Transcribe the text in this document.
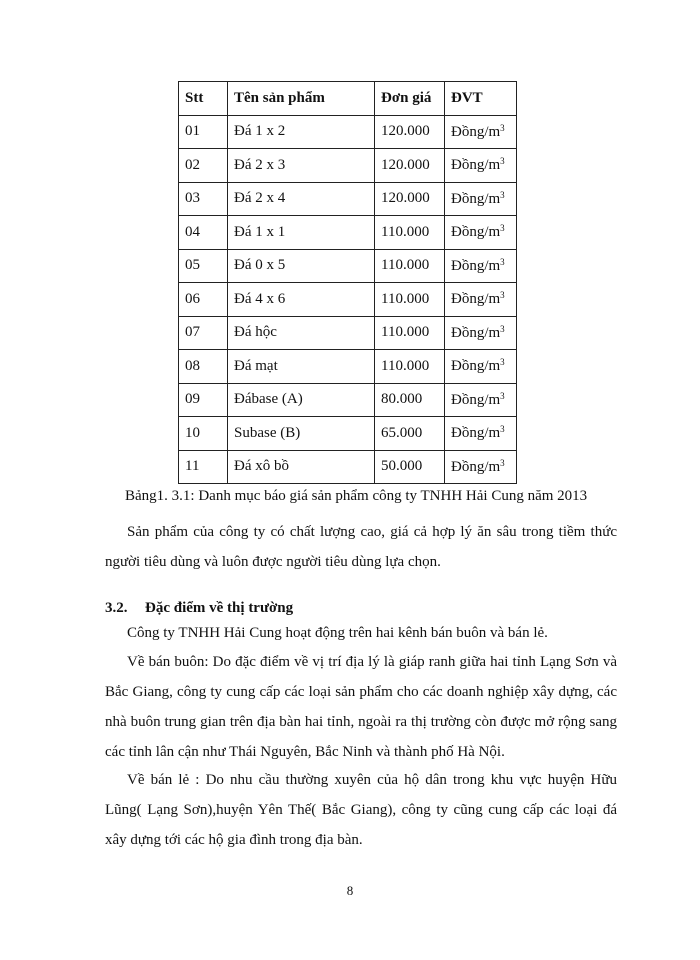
Stt	Tên sản phẩm	Đơn giá	ĐVT
01	Đá 1 x 2	120.000	Đồng/$m^3$
02	Đá 2 x 3	120.000	Đồng/$m^3$
03	Đá 2 x 4	120.000	Đồng/$m^3$
04	Đá 1 x 1	110.000	Đồng/$m^3$
05	Đá 0 x 5	110.000	Đồng/$m^3$
06	Đá 4 x 6	110.000	Đồng/$m^3$
07	Đá hộc	110.000	Đồng/$m^3$
08	Đá mạt	110.000	Đồng/$m^3$
09	Đábase (A)	80.000	Đồng/$m^3$
10	Subase (B)	65.000	Đồng/$m^3$
11	Đá xô bồ	50.000	Đồng/$m^3$
Bảng1. 3.1: Danh mục báo giá sản phẩm công ty TNHH Hải Cung năm 2013
Sản phẩm của công ty có chất lượng cao, giá cả hợp lý ăn sâu trong tiềm thức người tiêu dùng và luôn được người tiêu dùng lựa chọn.
3.2. Đặc điểm về thị trường
Công ty TNHH Hải Cung hoạt động trên hai kênh bán buôn và bán lẻ.
Về bán buôn: Do đặc điểm về vị trí địa lý là giáp ranh giữa hai tỉnh Lạng Sơn và Bắc Giang, công ty cung cấp các loại sản phẩm cho các doanh nghiệp xây dựng, các nhà buôn trung gian trên địa bàn hai tỉnh, ngoài ra thị trường còn được mở rộng sang các tỉnh lân cận như Thái Nguyên, Bắc Ninh và thành phố Hà Nội.
Về bán lẻ : Do nhu cầu thường xuyên của hộ dân trong khu vực huyện Hữu Lũng( Lạng Sơn),huyện Yên Thế( Bắc Giang), công ty cũng cung cấp các loại đá xây dựng tới các hộ gia đình trong địa bàn.
8
